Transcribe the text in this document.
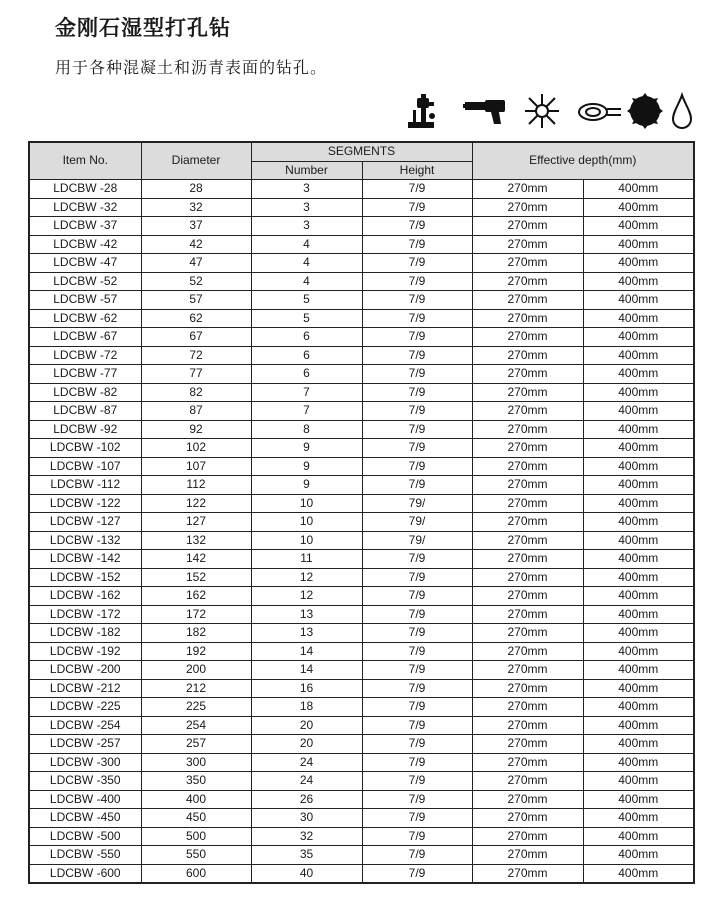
金刚石湿型打孔钻
用于各种混凝土和沥青表面的钻孔。
Item No.	Diameter	SEGMENTS		Effective depth(mm)	
		Number	Height		
LDCBW -28	28	3	7/9	270mm	400mm
LDCBW -32	32	3	7/9	270mm	400mm
LDCBW -37	37	3	7/9	270mm	400mm
LDCBW -42	42	4	7/9	270mm	400mm
LDCBW -47	47	4	7/9	270mm	400mm
LDCBW -52	52	4	7/9	270mm	400mm
LDCBW -57	57	5	7/9	270mm	400mm
LDCBW -62	62	5	7/9	270mm	400mm
LDCBW -67	67	6	7/9	270mm	400mm
LDCBW -72	72	6	7/9	270mm	400mm
LDCBW -77	77	6	7/9	270mm	400mm
LDCBW -82	82	7	7/9	270mm	400mm
LDCBW -87	87	7	7/9	270mm	400mm
LDCBW -92	92	8	7/9	270mm	400mm
LDCBW -102	102	9	7/9	270mm	400mm
LDCBW -107	107	9	7/9	270mm	400mm
LDCBW -112	112	9	7/9	270mm	400mm
LDCBW -122	122	10	79/	270mm	400mm
LDCBW -127	127	10	79/	270mm	400mm
LDCBW -132	132	10	79/	270mm	400mm
LDCBW -142	142	11	7/9	270mm	400mm
LDCBW -152	152	12	7/9	270mm	400mm
LDCBW -162	162	12	7/9	270mm	400mm
LDCBW -172	172	13	7/9	270mm	400mm
LDCBW -182	182	13	7/9	270mm	400mm
LDCBW -192	192	14	7/9	270mm	400mm
LDCBW -200	200	14	7/9	270mm	400mm
LDCBW -212	212	16	7/9	270mm	400mm
LDCBW -225	225	18	7/9	270mm	400mm
LDCBW -254	254	20	7/9	270mm	400mm
LDCBW -257	257	20	7/9	270mm	400mm
LDCBW -300	300	24	7/9	270mm	400mm
LDCBW -350	350	24	7/9	270mm	400mm
LDCBW -400	400	26	7/9	270mm	400mm
LDCBW -450	450	30	7/9	270mm	400mm
LDCBW -500	500	32	7/9	270mm	400mm
LDCBW -550	550	35	7/9	270mm	400mm
LDCBW -600	600	40	7/9	270mm	400mm
